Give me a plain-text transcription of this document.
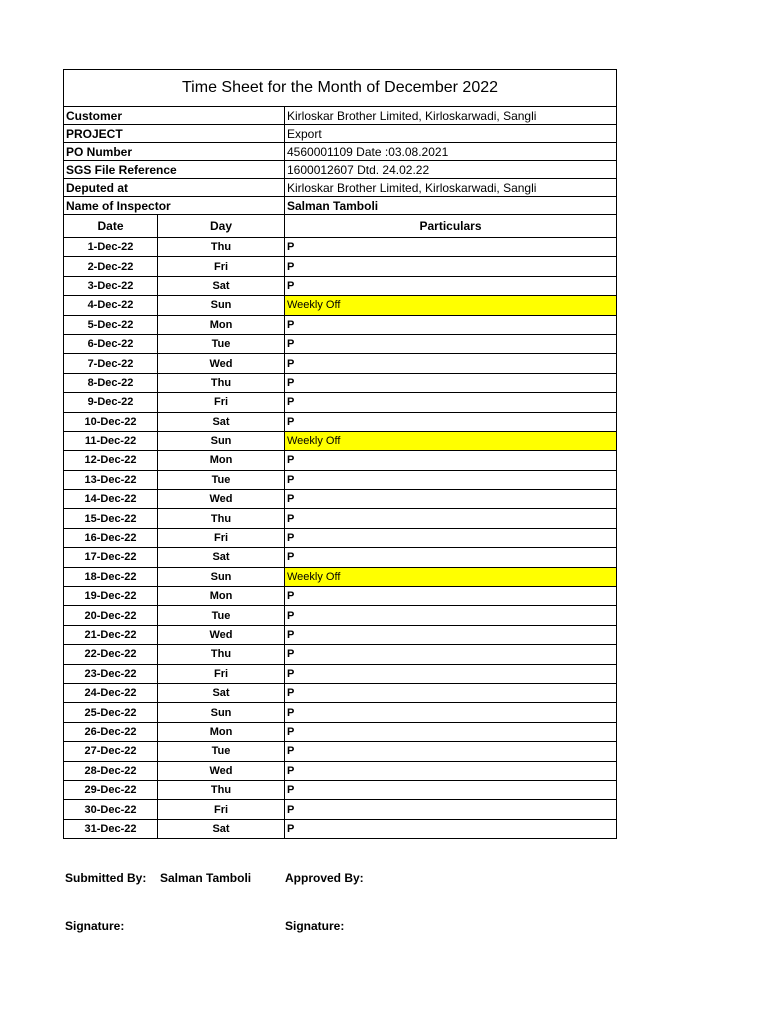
Time Sheet for the Month of December 2022		
Customer		Kirloskar Brother Limited, Kirloskarwadi, Sangli
PROJECT		Export
PO Number		4560001109 Date :03.08.2021
SGS File Reference		1600012607 Dtd. 24.02.22
Deputed at		Kirloskar Brother Limited, Kirloskarwadi, Sangli
Name of Inspector		Salman Tamboli
Date	Day	Particulars
1-Dec-22	Thu	P
2-Dec-22	Fri	P
3-Dec-22	Sat	P
4-Dec-22	Sun	Weekly Off
5-Dec-22	Mon	P
6-Dec-22	Tue	P
7-Dec-22	Wed	P
8-Dec-22	Thu	P
9-Dec-22	Fri	P
10-Dec-22	Sat	P
11-Dec-22	Sun	Weekly Off
12-Dec-22	Mon	P
13-Dec-22	Tue	P
14-Dec-22	Wed	P
15-Dec-22	Thu	P
16-Dec-22	Fri	P
17-Dec-22	Sat	P
18-Dec-22	Sun	Weekly Off
19-Dec-22	Mon	P
20-Dec-22	Tue	P
21-Dec-22	Wed	P
22-Dec-22	Thu	P
23-Dec-22	Fri	P
24-Dec-22	Sat	P
25-Dec-22	Sun	P
26-Dec-22	Mon	P
27-Dec-22	Tue	P
28-Dec-22	Wed	P
29-Dec-22	Thu	P
30-Dec-22	Fri	P
31-Dec-22	Sat	P
Submitted By: Salman Tamboli	Approved By:
Signature:	Signature:
